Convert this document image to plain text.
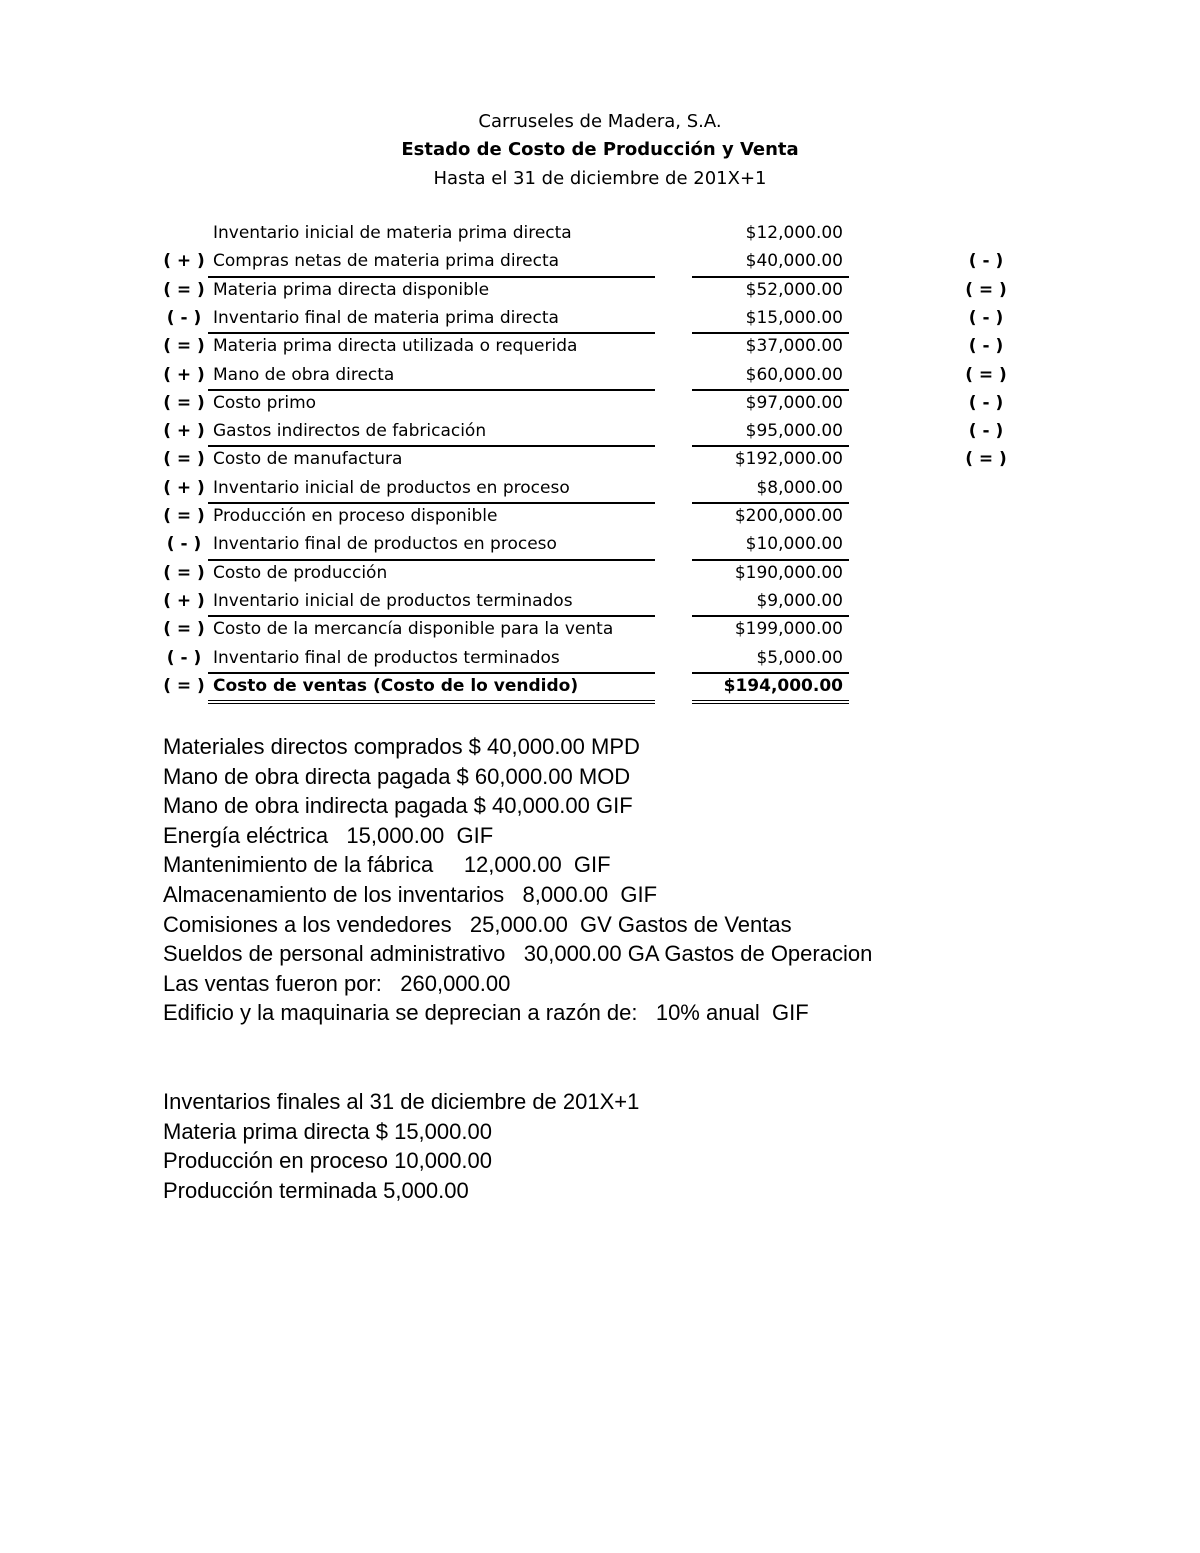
Carruseles de Madera, S.A.
Estado de Costo de Producción y Venta
Hasta el 31 de diciembre de 201X+1
Inventario inicial de materia prima directa	$12,000.00
( + ) Compras netas de materia prima directa	$40,000.00	( - )
( = ) Materia prima directa disponible	$52,000.00	( = )
( - ) Inventario final de materia prima directa	$15,000.00	( - )
( = ) Materia prima directa utilizada o requerida	$37,000.00	( - )
( + ) Mano de obra directa	$60,000.00	( = )
( = ) Costo primo	$97,000.00	( - )
( + ) Gastos indirectos de fabricación	$95,000.00	( - )
( = ) Costo de manufactura	$192,000.00	( = )
( + ) Inventario inicial de productos en proceso	$8,000.00
( = ) Producción en proceso disponible	$200,000.00
( - ) Inventario final de productos en proceso	$10,000.00
( = ) Costo de producción	$190,000.00
( + ) Inventario inicial de productos terminados	$9,000.00
( = ) Costo de la mercancía disponible para la venta	$199,000.00
( - ) Inventario final de productos terminados	$5,000.00
( = ) Costo de ventas (Costo de lo vendido)	$194,000.00
Materiales directos comprados $ 40,000.00 MPD
Mano de obra directa pagada $ 60,000.00 MOD
Mano de obra indirecta pagada $ 40,000.00 GIF
Energía eléctrica   15,000.00  GIF
Mantenimiento de la fábrica     12,000.00  GIF
Almacenamiento de los inventarios   8,000.00  GIF
Comisiones a los vendedores   25,000.00  GV Gastos de Ventas
Sueldos de personal administrativo   30,000.00 GA Gastos de Operacion
Las ventas fueron por:   260,000.00
Edificio y la maquinaria se deprecian a razón de:   10% anual  GIF
Inventarios finales al 31 de diciembre de 201X+1
Materia prima directa $ 15,000.00
Producción en proceso 10,000.00
Producción terminada 5,000.00
